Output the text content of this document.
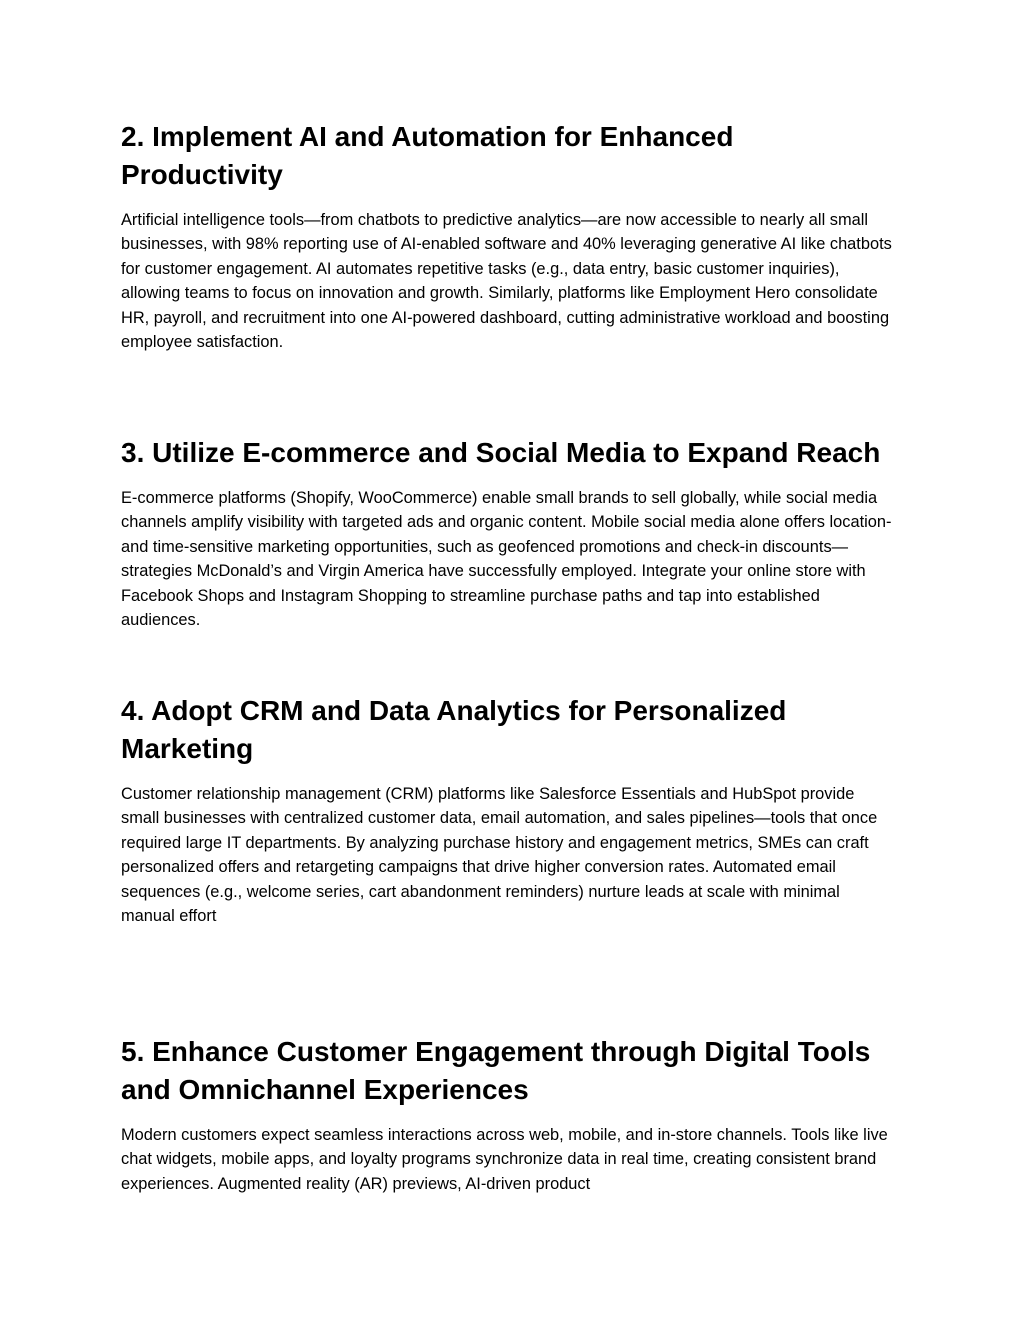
2. Implement AI and Automation for Enhanced Productivity

Artificial intelligence tools—from chatbots to predictive analytics—are now accessible to nearly all small businesses, with 98% reporting use of AI‑enabled software and 40% leveraging generative AI like chatbots for customer engagement. AI automates repetitive tasks (e.g., data entry, basic customer inquiries), allowing teams to focus on innovation and growth. Similarly, platforms like Employment Hero consolidate HR, payroll, and recruitment into one AI‑powered dashboard, cutting administrative workload and boosting employee satisfaction.

3. Utilize E‑commerce and Social Media to Expand Reach

E‑commerce platforms (Shopify, WooCommerce) enable small brands to sell globally, while social media channels amplify visibility with targeted ads and organic content. Mobile social media alone offers location‑ and time‑sensitive marketing opportunities, such as geofenced promotions and check‑in discounts—strategies McDonald’s and Virgin America have successfully employed. Integrate your online store with Facebook Shops and Instagram Shopping to streamline purchase paths and tap into established audiences.

4. Adopt CRM and Data Analytics for Personalized Marketing

Customer relationship management (CRM) platforms like Salesforce Essentials and HubSpot provide small businesses with centralized customer data, email automation, and sales pipelines—tools that once required large IT departments. By analyzing purchase history and engagement metrics, SMEs can craft personalized offers and retargeting campaigns that drive higher conversion rates. Automated email sequences (e.g., welcome series, cart abandonment reminders) nurture leads at scale with minimal manual effort

5. Enhance Customer Engagement through Digital Tools and Omnichannel Experiences

Modern customers expect seamless interactions across web, mobile, and in‑store channels. Tools like live chat widgets, mobile apps, and loyalty programs synchronize data in real time, creating consistent brand experiences. Augmented reality (AR) previews, AI‑driven product
